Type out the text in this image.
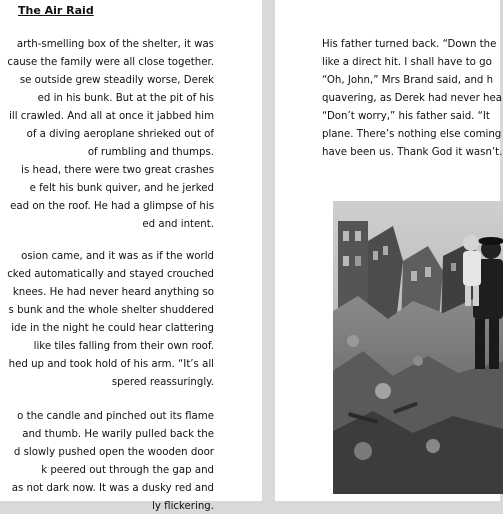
The Air Raid
arth-smelling box of the shelter, it was
cause the family were all close together.
se outside grew steadily worse, Derek
ed in his bunk. But at the pit of his
ill crawled. And all at once it jabbed him
of a diving aeroplane shrieked out of
of rumbling and thumps.
is head, there were two great crashes
e felt his bunk quiver, and he jerked
ead on the roof. He had a glimpse of his
ed and intent.
osion came, and it was as if the world
cked automatically and stayed crouched
knees. He had never heard anything so
s bunk and the whole shelter shuddered
ide in the night he could hear clattering
like tiles falling from their own roof.
hed up and took hold of his arm. “It’s all
spered reassuringly.
o the candle and pinched out its flame
and thumb. He warily pulled back the
d slowly pushed open the wooden door
k peered out through the gap and
as not dark now. It was a dusky red and
ly flickering.
His father turned back. “Down the
like a direct hit. I shall have to go
“Oh, John,” Mrs Brand said, and h
quavering, as Derek had never hea
“Don’t worry,” his father said. “It
plane. There’s nothing else coming
have been us. Thank God it wasn’t.
